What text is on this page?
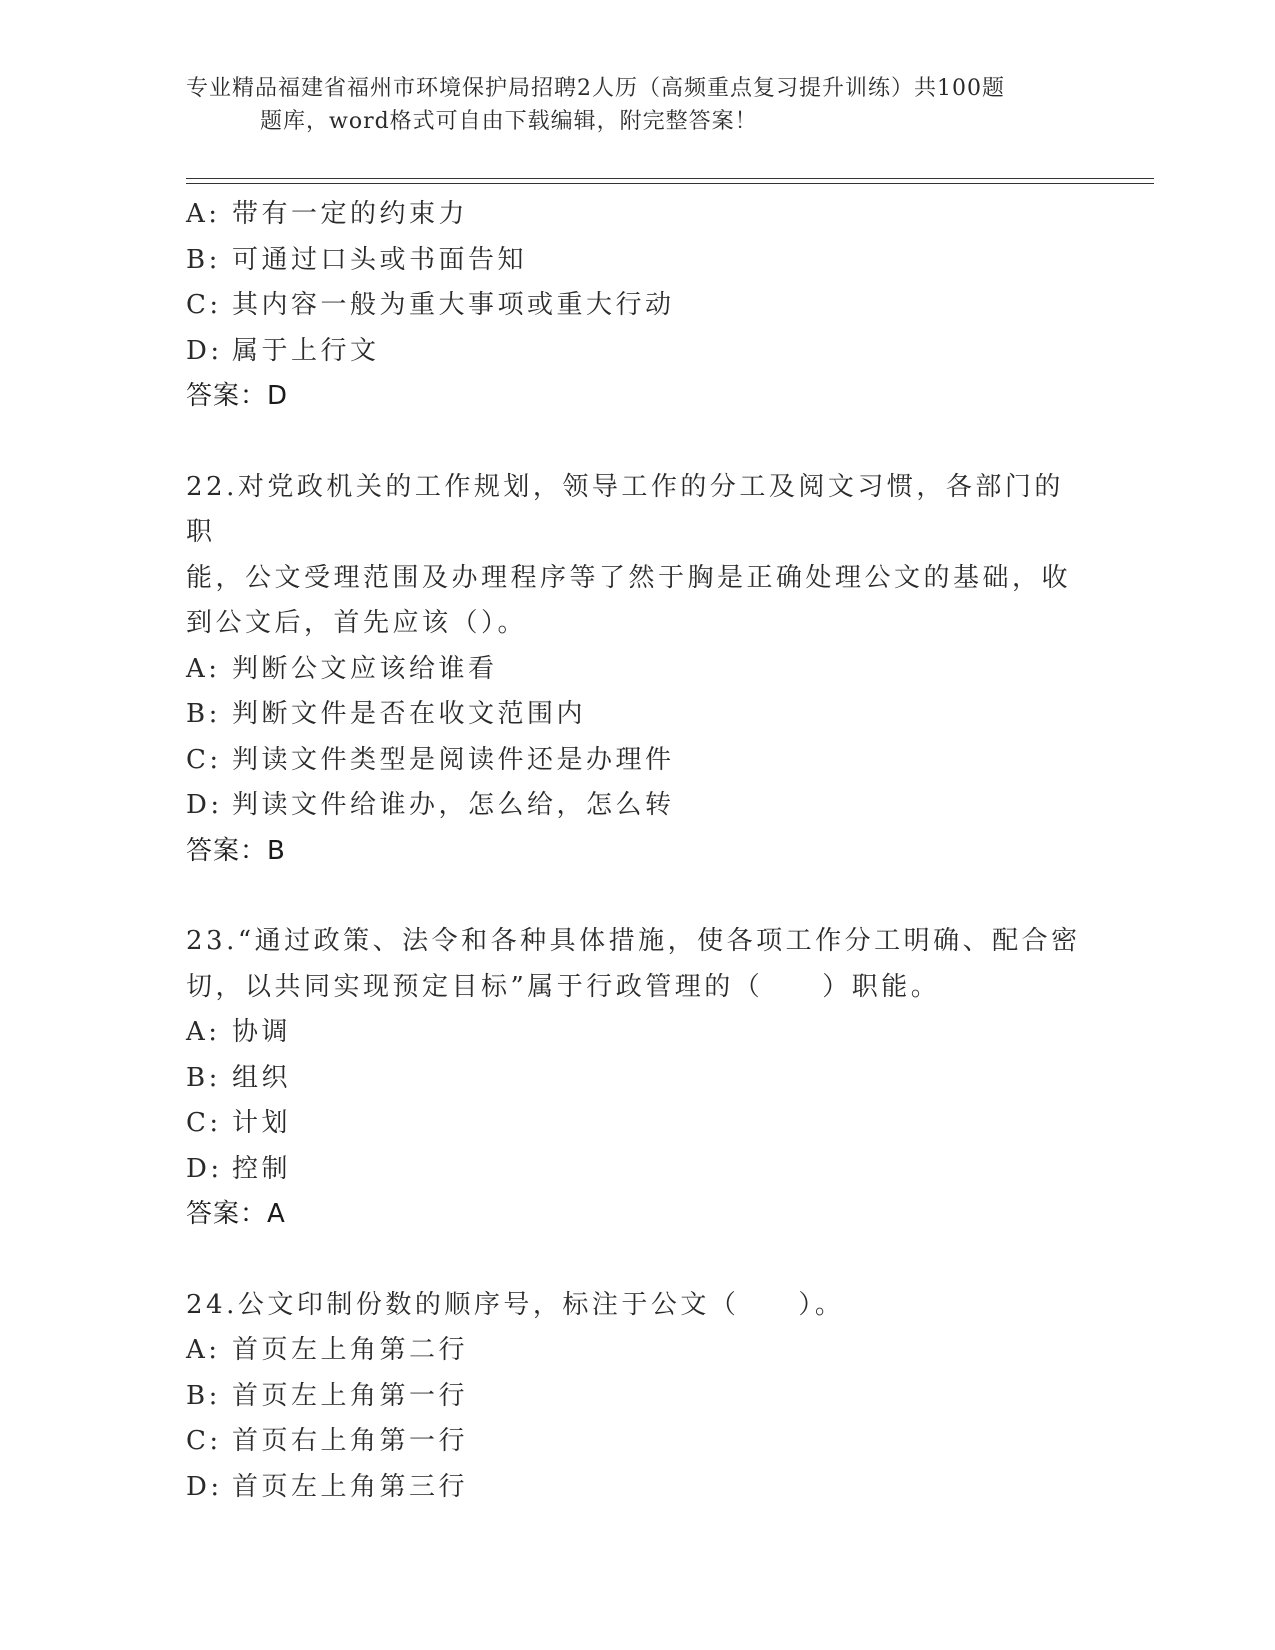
专业精品福建省福州市环境保护局招聘2人历（高频重点复习提升训练）共100题
题库，word格式可自由下载编辑，附完整答案！
A: 带有一定的约束力
B: 可通过口头或书面告知
C: 其内容一般为重大事项或重大行动
D: 属于上行文
答案：D
22.对党政机关的工作规划，领导工作的分工及阅文习惯，各部门的职
能，公文受理范围及办理程序等了然于胸是正确处理公文的基础，收
到公文后，首先应该（）。
A: 判断公文应该给谁看
B: 判断文件是否在收文范围内
C: 判读文件类型是阅读件还是办理件
D: 判读文件给谁办，怎么给，怎么转
答案：B
23.“通过政策、法令和各种具体措施，使各项工作分工明确、配合密
切，以共同实现预定目标”属于行政管理的（　　）职能。
A: 协调
B: 组织
C: 计划
D: 控制
答案：A
24.公文印制份数的顺序号，标注于公文（　　）。
A: 首页左上角第二行
B: 首页左上角第一行
C: 首页右上角第一行
D: 首页左上角第三行
